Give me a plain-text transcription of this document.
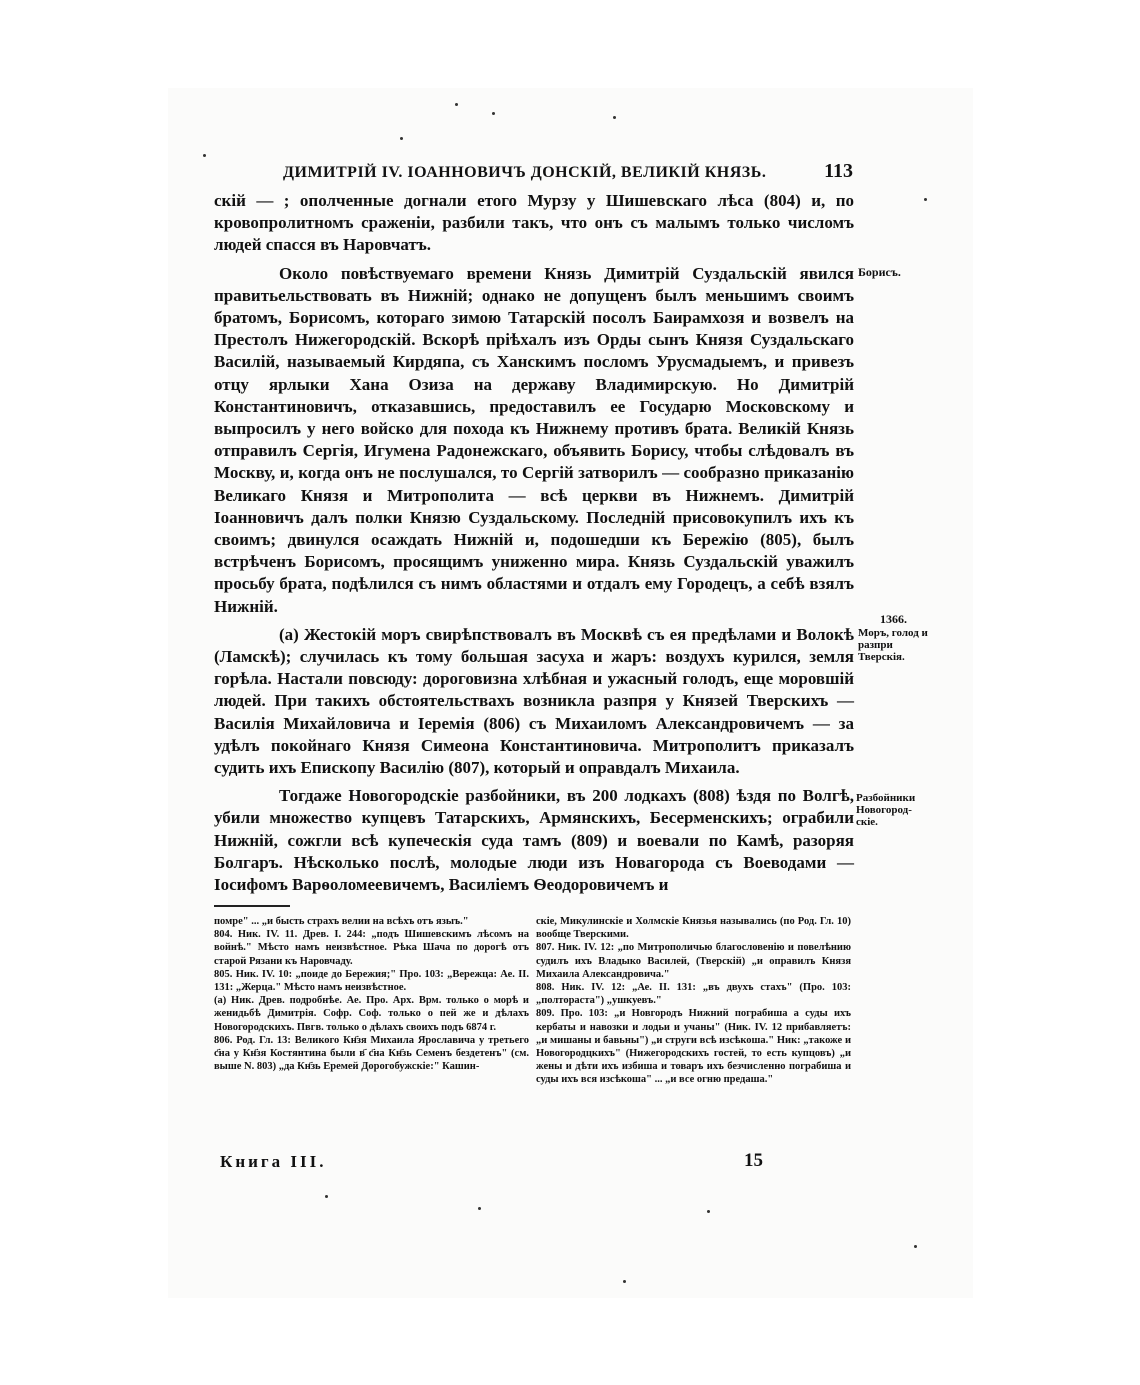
ДИМИТРІЙ IV. ІОАННОВИЧЪ ДОНСКІЙ, ВЕЛИКІЙ КНЯЗЬ.	113

скій — ; ополченные догнали етого Мурзу у Шишевскаго лѣса (804) и, по кровопролитномъ сраженіи, разбили такъ, что онъ съ малымъ только числомъ людей спасся въ Наровчатъ.

Около повѣствуемаго времени Князь Димитрій Суздальскій явился правитьельствовать въ Нижній; однако не допущенъ былъ меньшимъ своимъ братомъ, Борисомъ, котораго зимою Татарскій посолъ Баирамхозя и возвелъ на Престолъ Нижегородскій. Вскорѣ пріѣхалъ изъ Орды сынъ Князя Суздальскаго Василій, называемый Кирдяпа, съ Ханскимъ посломъ Урусмадыемъ, и привезъ отцу ярлыки Хана Озиза на державу Владимирскую. Но Димитрій Константиновичъ, отказавшись, предоставилъ ее Государю Московскому и выпросилъ у него войско для похода къ Нижнему противъ брата. Великій Князь отправилъ Сергія, Игумена Радонежскаго, объявить Борису, чтобы слѣдовалъ въ Москву, и, когда онъ не послушался, то Сергій затворилъ — сообразно приказанію Великаго Князя и Митрополита — всѣ церкви въ Нижнемъ. Димитрій Іоанновичъ далъ полки Князю Суздальскому. Последній присовокупилъ ихъ къ своимъ; двинулся осаждать Нижній и, подошедши къ Бережію (805), былъ встрѣченъ Борисомъ, просящимъ униженно мира. Князь Суздальскій уважилъ просьбу брата, подѣлился съ нимъ областями и отдалъ ему Городецъ, а себѣ взялъ Нижній.

(а) Жестокій моръ свирѣпствовалъ въ Москвѣ съ ея предѣлами и Волокѣ (Ламскѣ); случилась къ тому большая засуха и жаръ: воздухъ курился, земля горѣла. Настали повсюду: дороговизна хлѣбная и ужасный голодъ, еще моровшій людей. При такихъ обстоятельствахъ возникла разпря у Князей Тверскихъ — Василія Михайловича и Іеремія (806) съ Михаиломъ Александровичемъ — за удѣлъ покойнаго Князя Симеона Константиновича. Митрополитъ приказалъ судить ихъ Епископу Василію (807), который и оправдалъ Михаила.

Тогдаже Новогородскіе разбойники, въ 200 лодкахъ (808) ѣздя по Волгѣ, убили множество купцевъ Татарскихъ, Армянскихъ, Бесерменскихъ; ограбили Нижній, сожгли всѣ купеческія суда тамъ (809) и воевали по Камѣ, разоряя Болгаръ. Нѣсколько послѣ, молодые люди изъ Новагорода съ Воеводами — Іосифомъ Варѳоломеевичемъ, Василіемъ Ѳеодоровичемъ и

Борисъ.
1366.
Моръ, голод и разпри Тверскія.
Разбойники Новогородскіе.

помре" ... „и бысть страхъ велии на всѣхъ отъ языъ."

804. Ник. IV. 11. Древ. I. 244: „подъ Шишевскимъ лѣсомъ на войнѣ." Мѣсто намъ неизвѣстное. Рѣка Шача по дорогѣ отъ старой Рязани къ Наровчаду.

805. Ник. IV. 10: „поиде до Бережия;" Про. 103: „Вережца: Ае. II. 131: „Жерца." Мѣсто намъ неизвѣстное.

(а) Ник. Древ. подробнѣе. Ае. Про. Арх. Врм. только о морѣ и женидьбѣ Димитрія. Софр. Соф. только о пей же и дѣлахъ Новогородскихъ. Пвгв. только о дѣлахъ своихъ подъ 6874 г.

806. Род. Гл. 13: Великого Кн҃зя Михаила Ярославича у третьего с҃на у Кн҃зя Костянтина были в҃ с҃на Кн҃зь Семенъ бездетенъ" (см. выше N. 803) „да Кн҃зь Еремей Дорогобужскіе:" Кашин-

скіе, Микулинскіе и Холмскіе Князья назывались (по Род. Гл. 10) вообще Тверскими.

807. Ник. IV. 12: „по Митрополичью благословенію и повелѣнию судилъ ихъ Владыко Василей, (Тверскій) „и оправилъ Князя Михаила Александровича."

808. Ник. IV. 12: „Ае. II. 131: „въ двухъ стахъ" (Про. 103: „полтораста") „ушкуевъ."

809. Про. 103: „и Новгородъ Нижний пограбиша а суды ихъ кербаты и навозки и лодьи и учаны" (Ник. IV. 12 прибавляетъ: „и мишаны и бавьны") „и струги всѣ изсѣкоша." Ник: „такоже и Новогородцкихъ" (Нижегородскихъ гостей, то есть купцовъ) „и жены и дѣти ихъ избиша и товаръ ихъ безчисленно пограбиша и суды ихъ вся изсѣкоша" ... „и все огню предаша."

Книга III.	15
